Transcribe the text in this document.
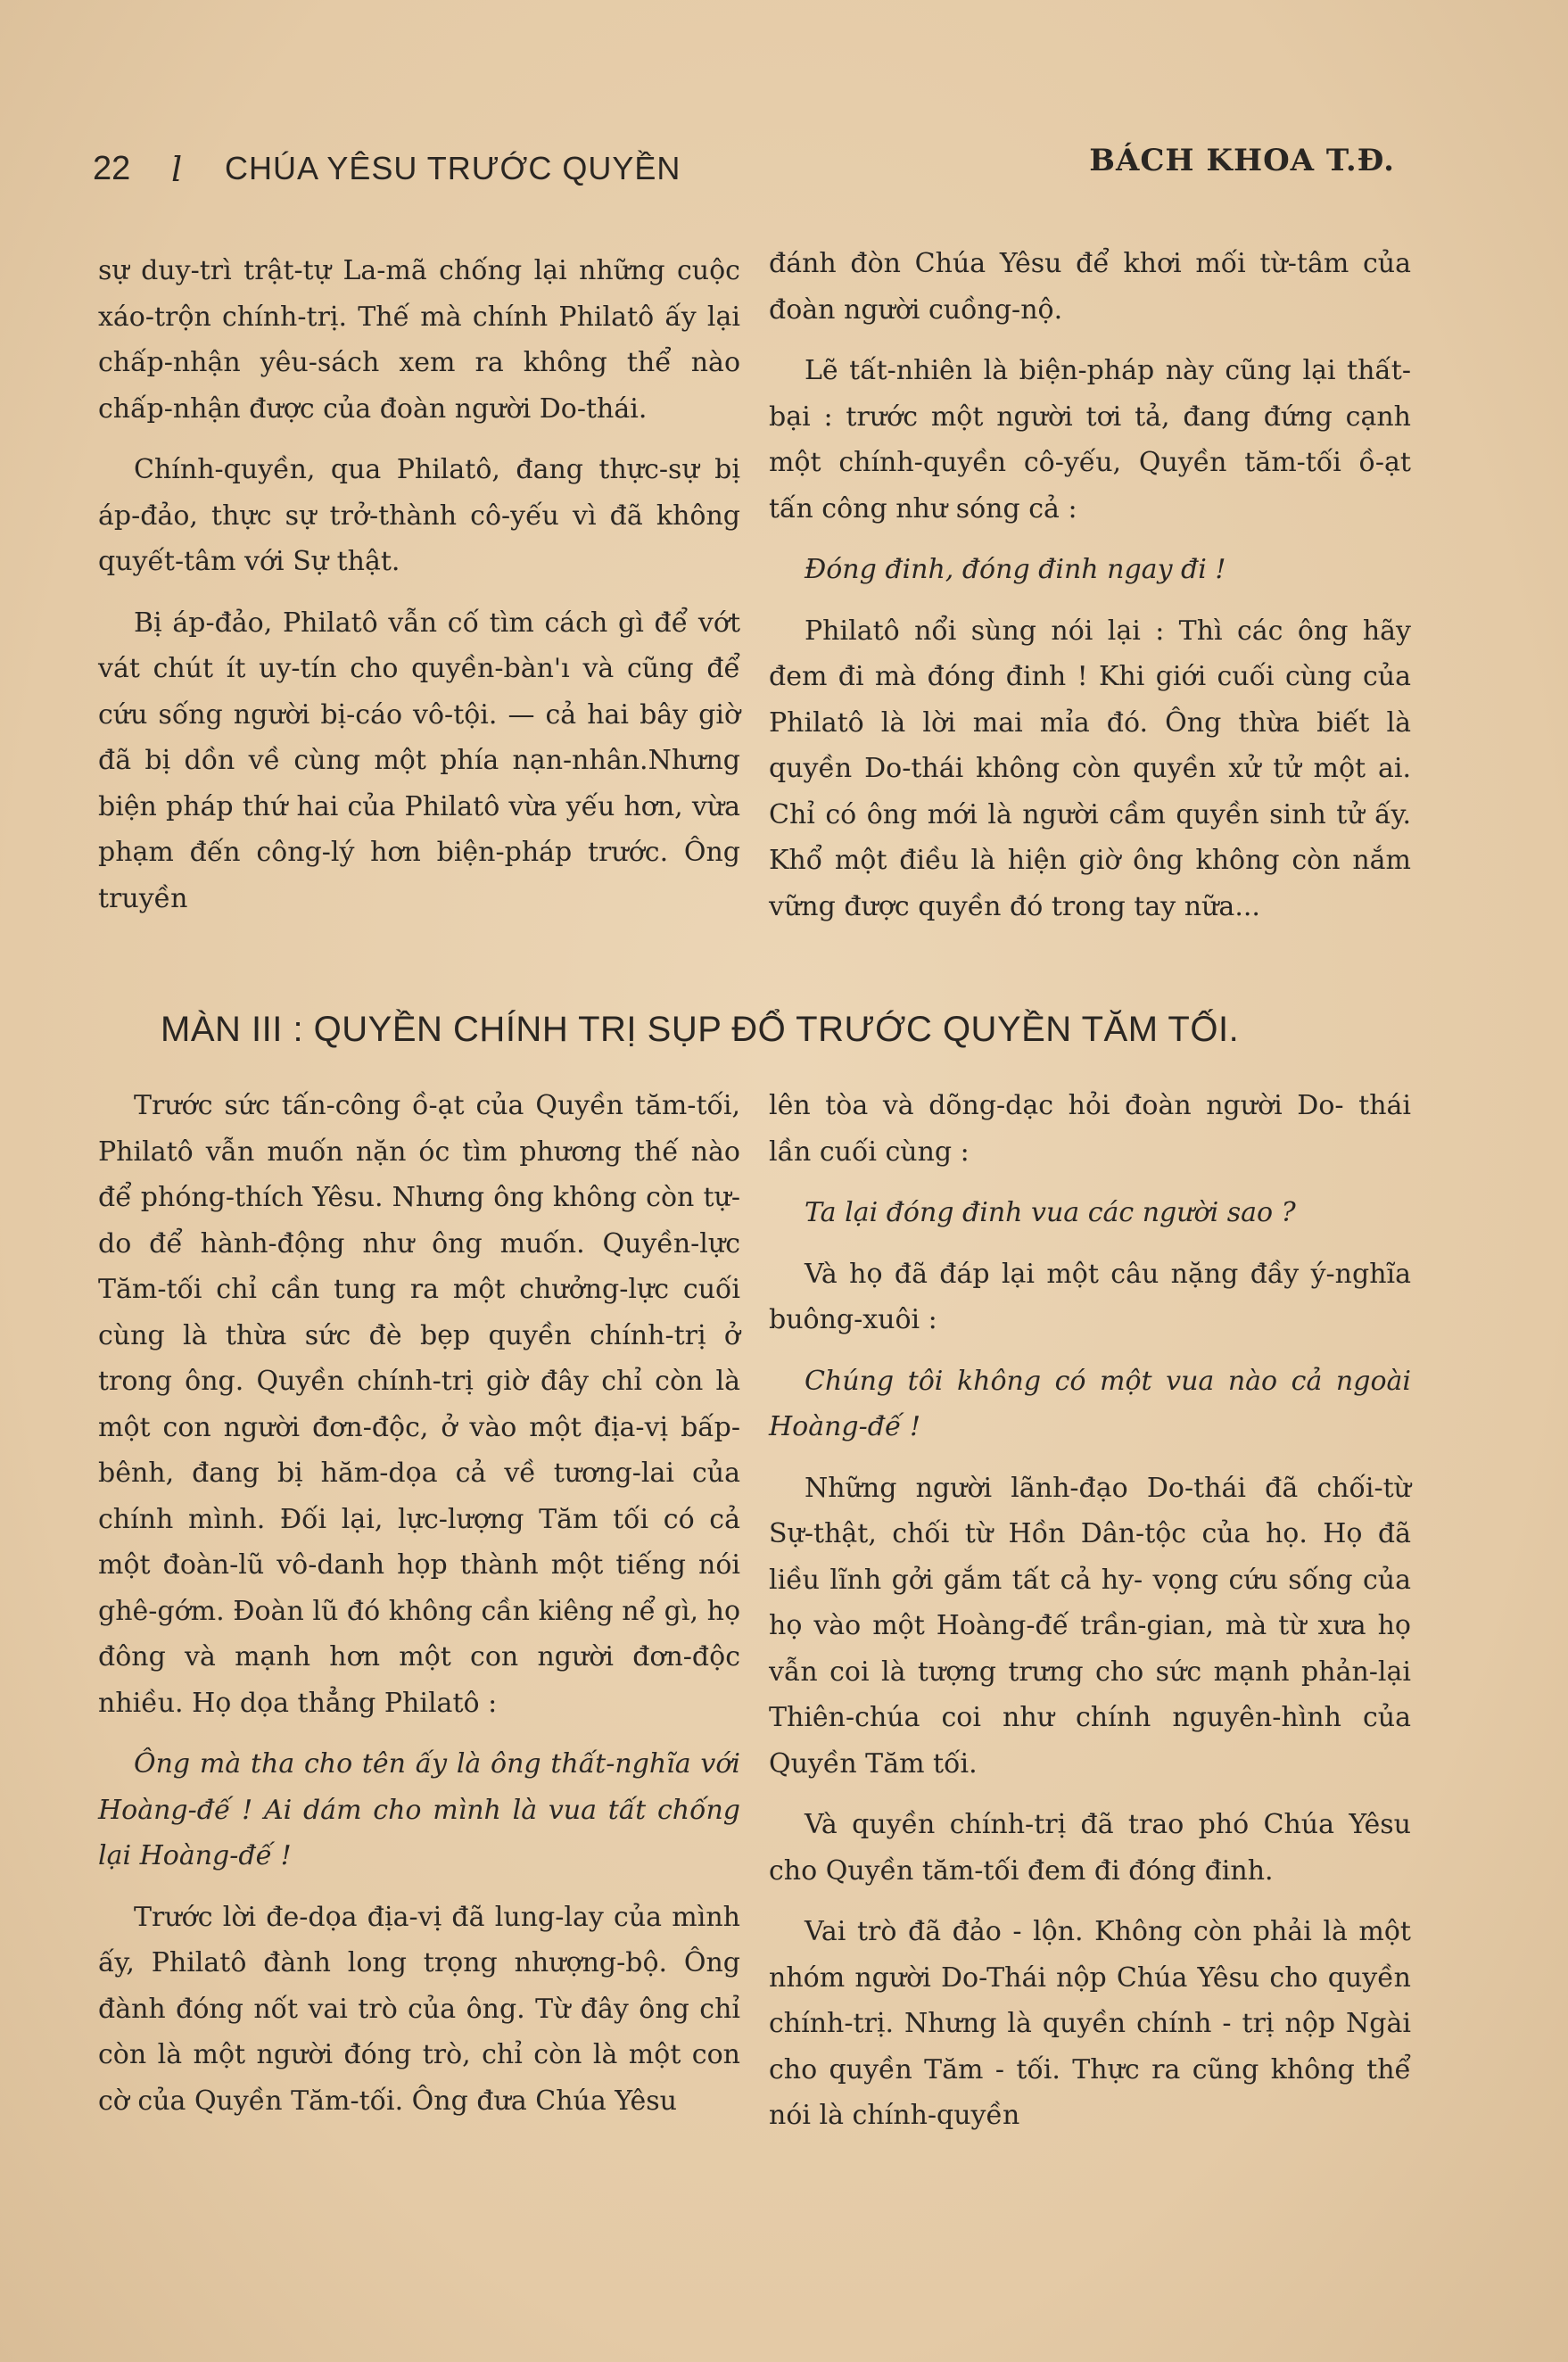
22 l CHÚA YÊSU TRƯỚC QUYỀN	BÁCH KHOA T.Đ.

sự duy-trì trật-tự La-mã chống lại những cuộc xáo-trộn chính-trị. Thế mà chính Philatô ấy lại chấp-nhận yêu-sách xem ra không thể nào chấp-nhận được của đoàn người Do-thái.

Chính-quyền, qua Philatô, đang thực-sự bị áp-đảo, thực sự trở-thành cô-yếu vì đã không quyết-tâm với Sự thật.

Bị áp-đảo, Philatô vẫn cố tìm cách gì để vớt vát chút ít uy-tín cho quyền-bàn'ı và cũng để cứu sống người bị-cáo vô-tội. — cả hai bây giờ đã bị dồn về cùng một phía nạn-nhân.Nhưng biện pháp thứ hai của Philatô vừa yếu hơn, vừa phạm đến công-lý hơn biện-pháp trước. Ông truyền

đánh đòn Chúa Yêsu để khơi mối từ-tâm của đoàn người cuồng-nộ.

Lẽ tất-nhiên là biện-pháp này cũng lại thất-bại : trước một người tơi tả, đang đứng cạnh một chính-quyền cô-yếu, Quyền tăm-tối ồ-ạt tấn công như sóng cả :

Đóng đinh, đóng đinh ngay đi !

Philatô nổi sùng nói lại : Thì các ông hãy đem đi mà đóng đinh ! Khi giới cuối cùng của Philatô là lời mai mỉa đó. Ông thừa biết là quyền Do-thái không còn quyền xử tử một ai. Chỉ có ông mới là người cầm quyền sinh tử ấy. Khổ một điều là hiện giờ ông không còn nắm vững được quyền đó trong tay nữa...

MÀN III : QUYỀN CHÍNH TRỊ SỤP ĐỔ TRƯỚC QUYỀN TĂM TỐI.

Trước sức tấn-công ồ-ạt của Quyền tăm-tối, Philatô vẫn muốn nặn óc tìm phương thế nào để phóng-thích Yêsu. Nhưng ông không còn tự-do để hành-động như ông muốn. Quyền-lực Tăm-tối chỉ cần tung ra một chưởng-lực cuối cùng là thừa sức đè bẹp quyền chính-trị ở trong ông. Quyền chính-trị giờ đây chỉ còn là một con người đơn-độc, ở vào một địa-vị bấp-bênh, đang bị hăm-dọa cả về tương-lai của chính mình. Đối lại, lực-lượng Tăm tối có cả một đoàn-lũ vô-danh họp thành một tiếng nói ghê-gớm. Đoàn lũ đó không cần kiêng nể gì, họ đông và mạnh hơn một con người đơn-độc nhiều. Họ dọa thẳng Philatô :

Ông mà tha cho tên ấy là ông thất-nghĩa với Hoàng-đế ! Ai dám cho mình là vua tất chống lại Hoàng-đế !

Trước lời đe-dọa địa-vị đã lung-lay của mình ấy, Philatô đành long trọng nhượng-bộ. Ông đành đóng nốt vai trò của ông. Từ đây ông chỉ còn là một người đóng trò, chỉ còn là một con cờ của Quyền Tăm-tối. Ông đưa Chúa Yêsu

lên tòa và dõng-dạc hỏi đoàn người Do- thái lần cuối cùng :

Ta lại đóng đinh vua các người sao ?

Và họ đã đáp lại một câu nặng đầy ý-nghĩa buông-xuôi :

Chúng tôi không có một vua nào cả ngoài Hoàng-đế !

Những người lãnh-đạo Do-thái đã chối-từ Sự-thật, chối từ Hồn Dân-tộc của họ. Họ đã liều lĩnh gởi gắm tất cả hy- vọng cứu sống của họ vào một Hoàng-đế trần-gian, mà từ xưa họ vẫn coi là tượng trưng cho sức mạnh phản-lại Thiên-chúa coi như chính nguyên-hình của Quyền Tăm tối.

Và quyền chính-trị đã trao phó Chúa Yêsu cho Quyền tăm-tối đem đi đóng đinh.

Vai trò đã đảo - lộn. Không còn phải là một nhóm người Do-Thái nộp Chúa Yêsu cho quyền chính-trị. Nhưng là quyền chính - trị nộp Ngài cho quyền Tăm - tối. Thực ra cũng không thể nói là chính-quyền
